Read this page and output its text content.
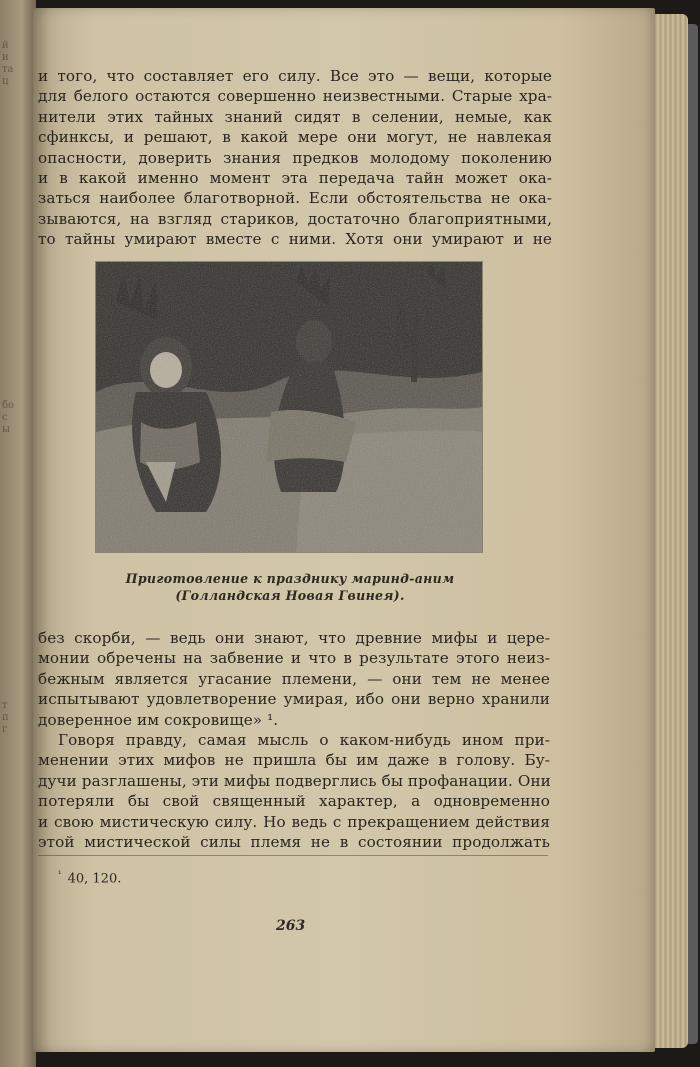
й
и
та
ц
бо
с
ы
т
п
г
и того, что составляет его силу. Все это — вещи, которые
для белого остаются совершенно неизвестными. Старые хра-
нители этих тайных знаний сидят в селении, немые, как
сфинксы, и решают, в какой мере они могут, не навлекая
опасности, доверить знания предков молодому поколению
и в какой именно момент эта передача тайн может ока-
заться наиболее благотворной. Если обстоятельства не ока-
зываются, на взгляд стариков, достаточно благоприятными,
то тайны умирают вместе с ними. Хотя они умирают и не
Приготовление к празднику маринд-аним
(Голландская Новая Гвинея).
без скорби, — ведь они знают, что древние мифы и цере-
монии обречены на забвение и что в результате этого неиз-
бежным является угасание племени, — они тем не менее
испытывают удовлетворение умирая, ибо они верно хранили
доверенное им сокровище» ¹.
Говоря правду, самая мысль о каком-нибудь ином при-
менении этих мифов не пришла бы им даже в голову. Бу-
дучи разглашены, эти мифы подверглись бы профанации. Они
потеряли бы свой священный характер, а одновременно
и свою мистическую силу. Но ведь с прекращением действия
этой мистической силы племя не в состоянии продолжать
$^{^1}$ 40, 120.
263
